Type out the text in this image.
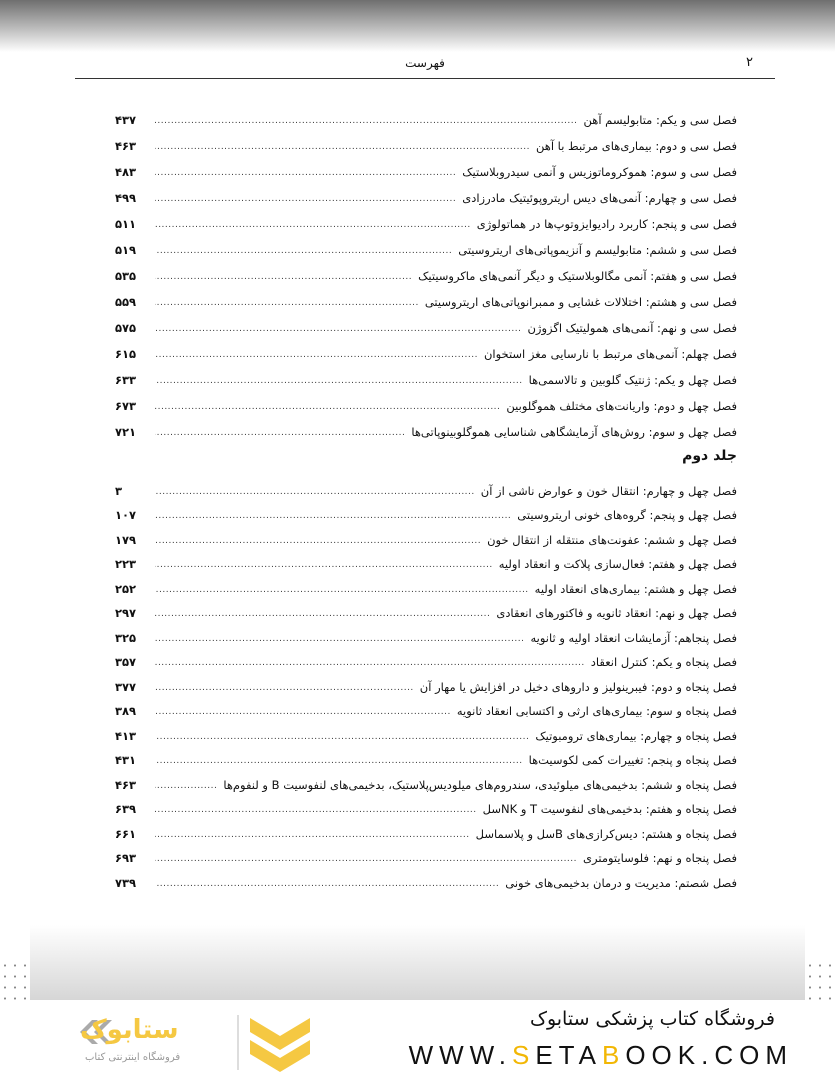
فهرست	۲
فصل سی و یکم: متابولیسم آهن
.....
۴۳۷
فصل سی و دوم: بیماری‌های مرتبط با آهن
.....
۴۶۳
فصل سی و سوم: هموکروماتوزیس و آنمی سیدروبلاستیک
.....
۴۸۳
فصل سی و چهارم: آنمی‌های دیس اریتروپوئیتیک مادرزادی
.....
۴۹۹
فصل سی و پنجم: کاربرد رادیوایزوتوپ‌ها در هماتولوژی
.....
۵۱۱
فصل سی و ششم: متابولیسم و آنزیموپاتی‌های اریتروسیتی
.....
۵۱۹
فصل سی و هفتم: آنمی مگالوبلاستیک و دیگر آنمی‌های ماکروسیتیک
.....
۵۳۵
فصل سی و هشتم: اختلالات غشایی و ممبرانوپاتی‌های اریتروسیتی
.....
۵۵۹
فصل سی و نهم: آنمی‌های همولیتیک اگزوژن
.....
۵۷۵
فصل چهلم: آنمی‌های مرتبط با نارسایی مغز استخوان
.....
۶۱۵
فصل چهل و یکم: ژنتیک گلوبین و تالاسمی‌ها
.....
۶۳۳
فصل چهل و دوم: واریانت‌های مختلف هموگلوبین
.....
۶۷۳
فصل چهل و سوم: روش‌های آزمایشگاهی شناسایی هموگلوبینوپاتی‌ها
.....
۷۲۱
جلد دوم
فصل چهل و چهارم: انتقال خون و عوارض ناشی از آن
.....
۳
فصل چهل و پنجم: گروه‌های خونی اریتروسیتی
.....
۱۰۷
فصل چهل و ششم: عفونت‌های منتقله از انتقال خون
.....
۱۷۹
فصل چهل و هفتم: فعال‌سازی پلاکت و انعقاد اولیه
.....
۲۲۳
فصل چهل و هشتم: بیماری‌های انعقاد اولیه
.....
۲۵۲
فصل چهل و نهم: انعقاد ثانویه و فاکتورهای انعقادی
.....
۲۹۷
فصل پنجاهم: آزمایشات انعقاد اولیه و ثانویه
.....
۳۲۵
فصل پنجاه و یکم: کنترل انعقاد
.....
۳۵۷
فصل پنجاه و دوم: فیبرینولیز و داروهای دخیل در افزایش یا مهار آن
.....
۳۷۷
فصل پنجاه و سوم: بیماری‌های ارثی و اکتسابی انعقاد ثانویه
.....
۳۸۹
فصل پنجاه و چهارم: بیماری‌های ترومبوتیک
.....
۴۱۳
فصل پنجاه و پنجم: تغییرات کمی لکوسیت‌ها
.....
۴۳۱
فصل پنجاه و ششم: بدخیمی‌های میلوئیدی، سندروم‌های میلودیس‌پلاستیک، بدخیمی‌های لنفوسیت B و لنفوم‌ها
.....
۴۶۳
فصل پنجاه و هفتم: بدخیمی‌های لنفوسیت T و NKسل
.....
۶۳۹
فصل پنجاه و هشتم: دیس‌کرازی‌های Bسل و پلاسماسل
.....
۶۶۱
فصل پنجاه و نهم: فلوسایتومتری
.....
۶۹۳
فصل شصتم: مدیریت و درمان بدخیمی‌های خونی
.....
۷۳۹
فروشگاه کتاب پزشکی ستابوک
WWW.SETABOOK.COM
ستابوک
فروشگاه اینترنتی کتاب
